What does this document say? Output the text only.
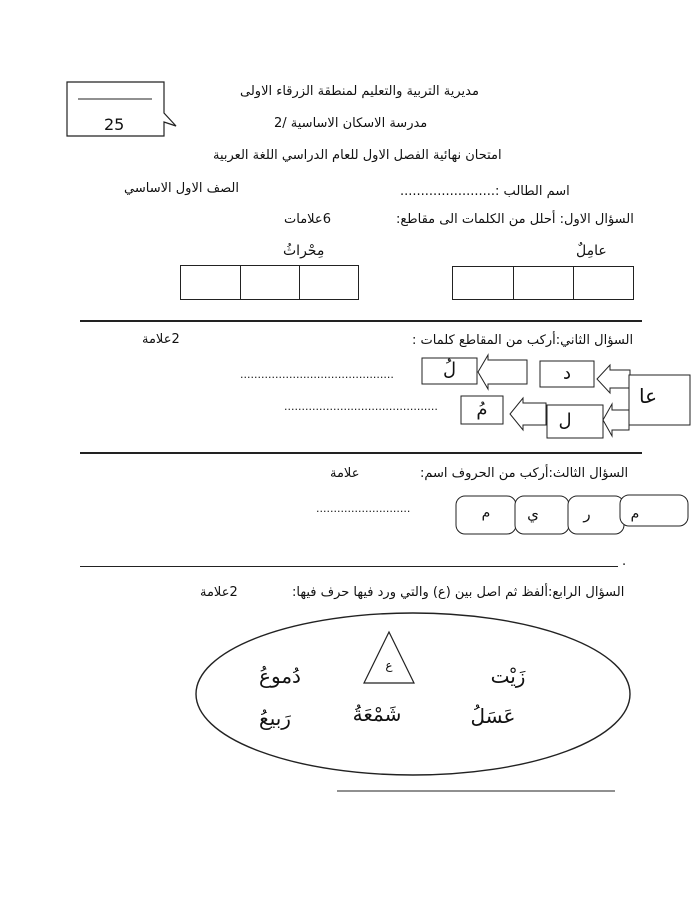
25
مديرية التربية والتعليم لمنطقة الزرقاء الاولى
مدرسة الاسكان الاساسية /2
امتحان نهائية الفصل الاول للعام الدراسي اللغة العربية
اسم الطالب :.......................
الصف الاول الاساسي
السؤال الاول: أحلل من الكلمات الى مقاطع:
6علامات
عامِلٌ
مِحْراثُ
السؤال الثاني:أركب من المقاطع كلمات :
2علامة
............................................
............................................
لُ	د
عا
مُ
ل
السؤال الثالث:أركب من الحروف اسم:
علامة
...........................	م
ر
ي
م
.
السؤال الرابع:ألفظ ثم اصل بين (ع) والتي ورد فيها حرف فيها:
2علامة
ع	زَيْت
دُموعُ
عَسَلُ
شَمْعَةُ
رَبيعُ
